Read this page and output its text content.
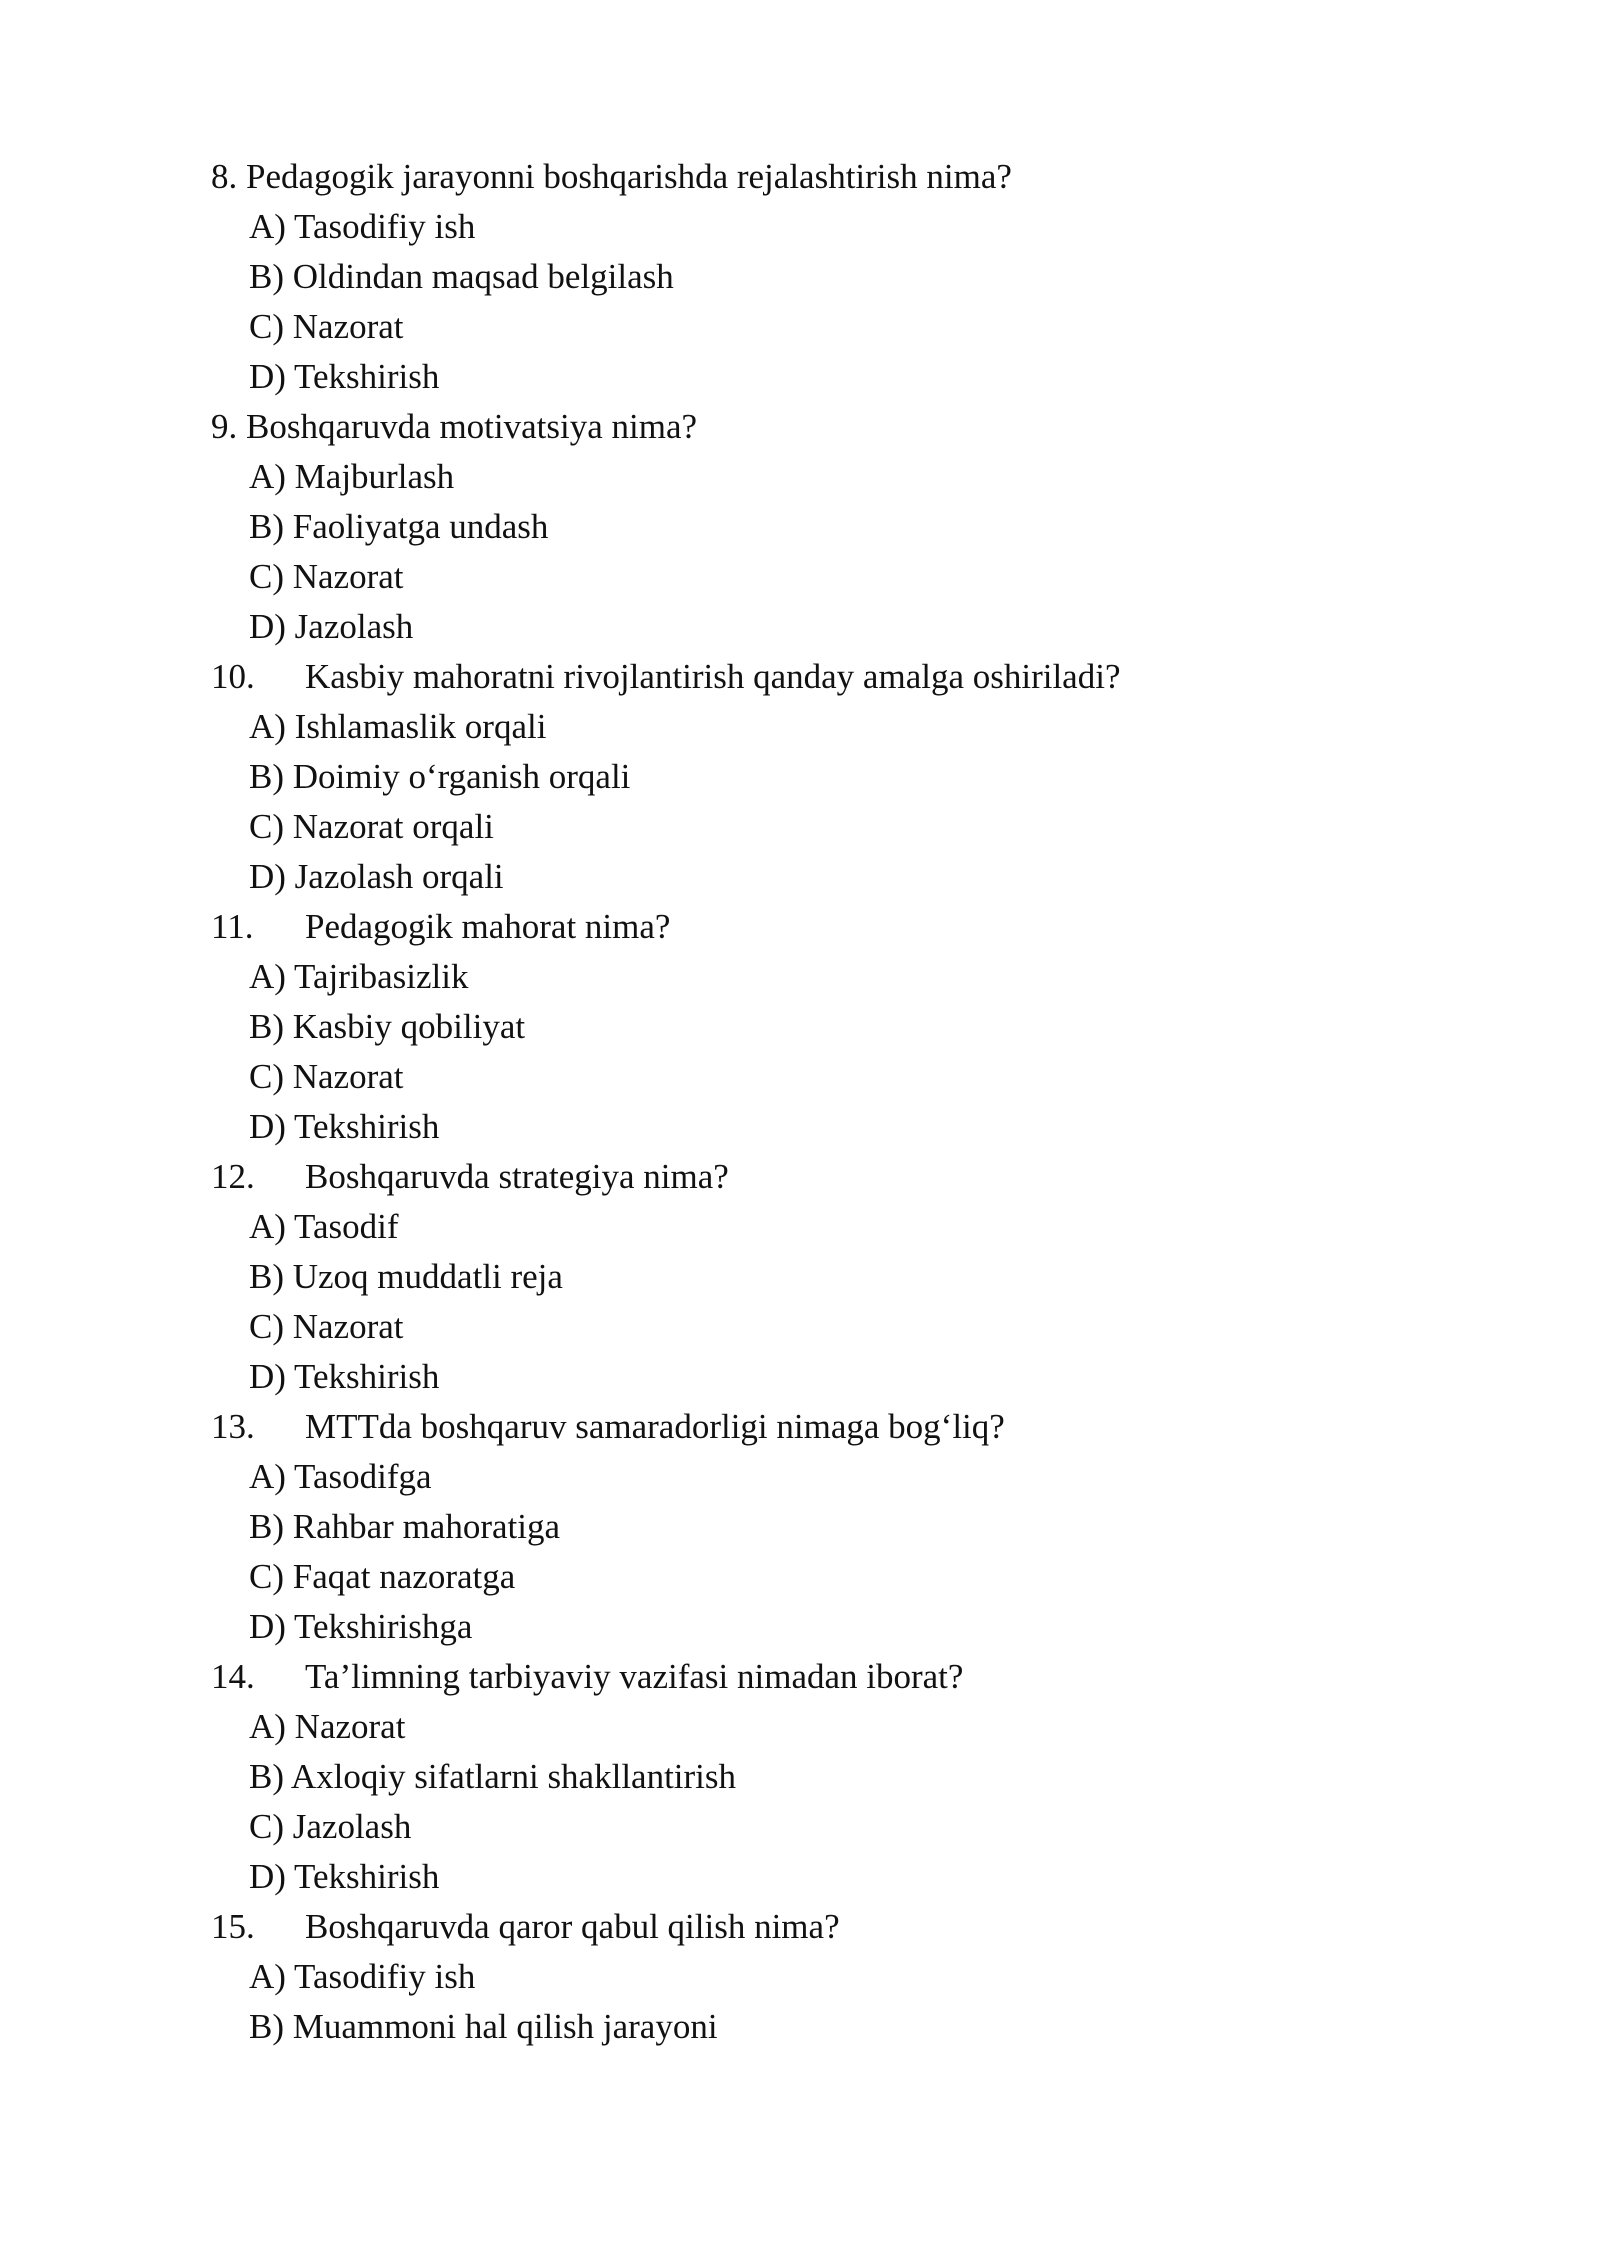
8. Pedagogik jarayonni boshqarishda rejalashtirish nima?
A) Tasodifiy ish
B) Oldindan maqsad belgilash
C) Nazorat
D) Tekshirish
9. Boshqaruvda motivatsiya nima?
A) Majburlash
B) Faoliyatga undash
C) Nazorat
D) Jazolash
10. Kasbiy mahoratni rivojlantirish qanday amalga oshiriladi?
A) Ishlamaslik orqali
B) Doimiy o‘rganish orqali
C) Nazorat orqali
D) Jazolash orqali
11. Pedagogik mahorat nima?
A) Tajribasizlik
B) Kasbiy qobiliyat
C) Nazorat
D) Tekshirish
12. Boshqaruvda strategiya nima?
A) Tasodif
B) Uzoq muddatli reja
C) Nazorat
D) Tekshirish
13. MTTda boshqaruv samaradorligi nimaga bog‘liq?
A) Tasodifga
B) Rahbar mahoratiga
C) Faqat nazoratga
D) Tekshirishga
14. Ta’limning tarbiyaviy vazifasi nimadan iborat?
A) Nazorat
B) Axloqiy sifatlarni shakllantirish
C) Jazolash
D) Tekshirish
15. Boshqaruvda qaror qabul qilish nima?
A) Tasodifiy ish
B) Muammoni hal qilish jarayoni
